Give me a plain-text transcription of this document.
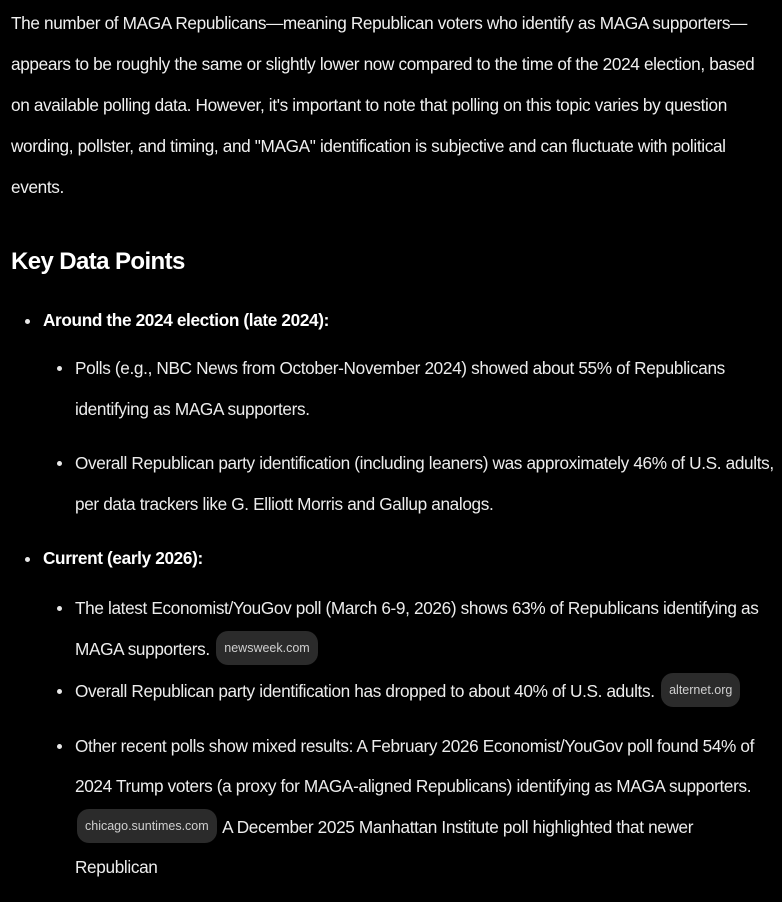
The number of MAGA Republicans—meaning Republican voters who identify as MAGA supporters—appears to be roughly the same or slightly lower now compared to the time of the 2024 election, based on available polling data. However, it's important to note that polling on this topic varies by question wording, pollster, and timing, and "MAGA" identification is subjective and can fluctuate with political events.

Key Data Points
Around the 2024 election (late 2024):
Polls (e.g., NBC News from October-November 2024) showed about 55% of Republicans identifying as MAGA supporters.
Overall Republican party identification (including leaners) was approximately 46% of U.S. adults, per data trackers like G. Elliott Morris and Gallup analogs.
Current (early 2026):
The latest Economist/YouGov poll (March 6-9, 2026) shows 63% of Republicans identifying as MAGA supporters. newsweek.com
Overall Republican party identification has dropped to about 40% of U.S. adults. alternet.org
Other recent polls show mixed results: A February 2026 Economist/YouGov poll found 54% of 2024 Trump voters (a proxy for MAGA-aligned Republicans) identifying as MAGA supporters. chicago.suntimes.com A December 2025 Manhattan Institute poll highlighted that newer Republican
